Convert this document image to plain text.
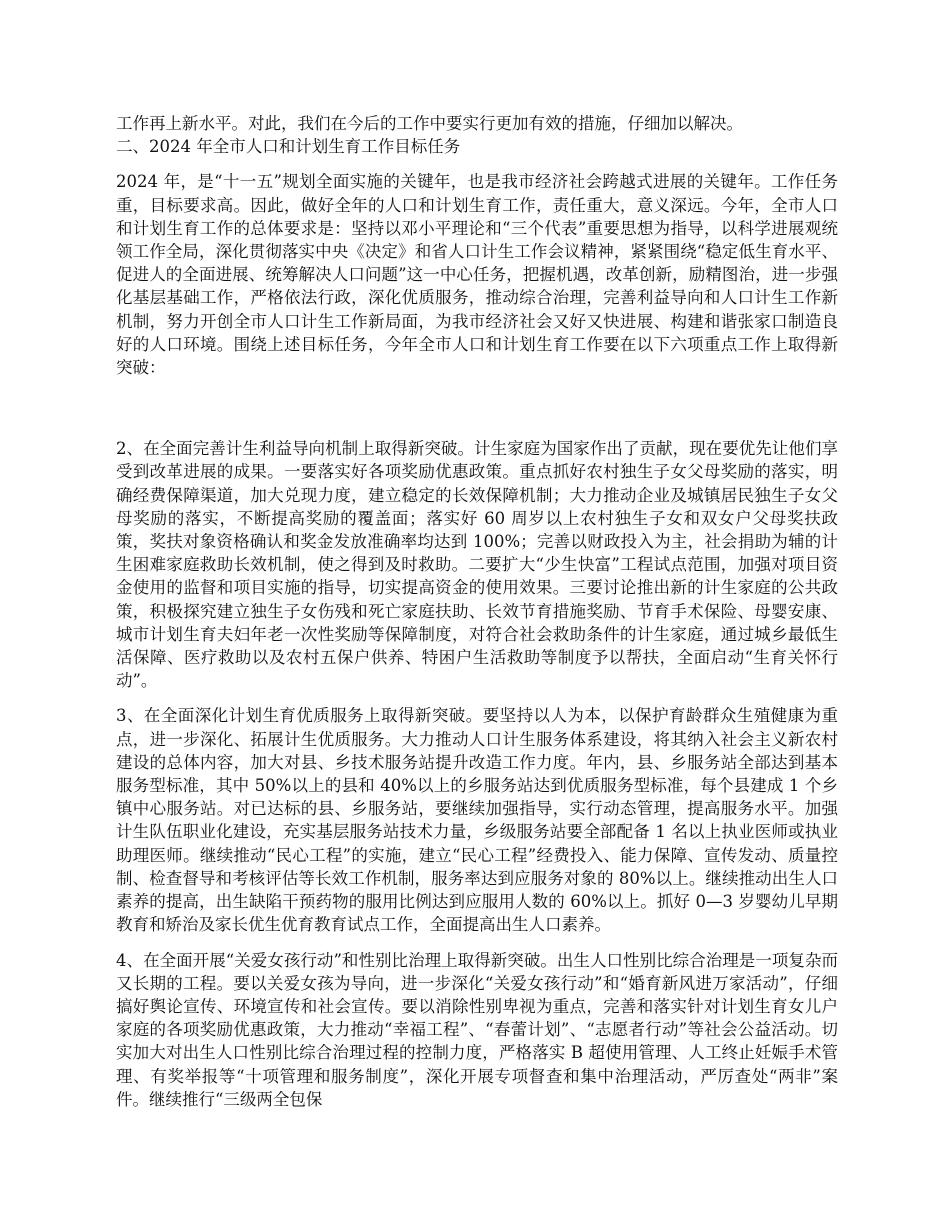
工作再上新水平。对此，我们在今后的工作中要实行更加有效的措施，仔细加以解决。

二、2024 年全市人口和计划生育工作目标任务

2024 年，是“十一五”规划全面实施的关键年，也是我市经济社会跨越式进展的关键年。工作任务重，目标要求高。因此，做好全年的人口和计划生育工作，责任重大，意义深远。今年，全市人口和计划生育工作的总体要求是：坚持以邓小平理论和“三个代表”重要思想为指导，以科学进展观统领工作全局，深化贯彻落实中央《决定》和省人口计生工作会议精神，紧紧围绕“稳定低生育水平、促进人的全面进展、统筹解决人口问题”这一中心任务，把握机遇，改革创新，励精图治，进一步强化基层基础工作，严格依法行政，深化优质服务，推动综合治理，完善利益导向和人口计生工作新机制，努力开创全市人口计生工作新局面，为我市经济社会又好又快进展、构建和谐张家口制造良好的人口环境。围绕上述目标任务，今年全市人口和计划生育工作要在以下六项重点工作上取得新突破：

2、在全面完善计生利益导向机制上取得新突破。计生家庭为国家作出了贡献，现在要优先让他们享受到改革进展的成果。一要落实好各项奖励优惠政策。重点抓好农村独生子女父母奖励的落实，明确经费保障渠道，加大兑现力度，建立稳定的长效保障机制；大力推动企业及城镇居民独生子女父母奖励的落实，不断提高奖励的覆盖面；落实好 60 周岁以上农村独生子女和双女户父母奖扶政策，奖扶对象资格确认和奖金发放准确率均达到 100%；完善以财政投入为主，社会捐助为辅的计生困难家庭救助长效机制，使之得到及时救助。二要扩大“少生快富”工程试点范围，加强对项目资金使用的监督和项目实施的指导，切实提高资金的使用效果。三要讨论推出新的计生家庭的公共政策，积极探究建立独生子女伤残和死亡家庭扶助、长效节育措施奖励、节育手术保险、母婴安康、城市计划生育夫妇年老一次性奖励等保障制度，对符合社会救助条件的计生家庭，通过城乡最低生活保障、医疗救助以及农村五保户供养、特困户生活救助等制度予以帮扶，全面启动“生育关怀行动”。

3、在全面深化计划生育优质服务上取得新突破。要坚持以人为本，以保护育龄群众生殖健康为重点，进一步深化、拓展计生优质服务。大力推动人口计生服务体系建设，将其纳入社会主义新农村建设的总体内容，加大对县、乡技术服务站提升改造工作力度。年内，县、乡服务站全部达到基本服务型标准，其中 50%以上的县和 40%以上的乡服务站达到优质服务型标准，每个县建成 1 个乡镇中心服务站。对已达标的县、乡服务站，要继续加强指导，实行动态管理，提高服务水平。加强计生队伍职业化建设，充实基层服务站技术力量，乡级服务站要全部配备 1 名以上执业医师或执业助理医师。继续推动“民心工程”的实施，建立“民心工程”经费投入、能力保障、宣传发动、质量控制、检查督导和考核评估等长效工作机制，服务率达到应服务对象的 80%以上。继续推动出生人口素养的提高，出生缺陷干预药物的服用比例达到应服用人数的 60%以上。抓好 0—3 岁婴幼儿早期教育和矫治及家长优生优育教育试点工作，全面提高出生人口素养。

4、在全面开展“关爱女孩行动”和性别比治理上取得新突破。出生人口性别比综合治理是一项复杂而又长期的工程。要以关爱女孩为导向，进一步深化“关爱女孩行动”和“婚育新风进万家活动”，仔细搞好舆论宣传、环境宣传和社会宣传。要以消除性别卑视为重点，完善和落实针对计划生育女儿户家庭的各项奖励优惠政策，大力推动“幸福工程”、“春蕾计划”、“志愿者行动”等社会公益活动。切实加大对出生人口性别比综合治理过程的控制力度，严格落实 B 超使用管理、人工终止妊娠手术管理、有奖举报等“十项管理和服务制度”，深化开展专项督查和集中治理活动，严厉查处“两非”案件。继续推行“三级两全包保
